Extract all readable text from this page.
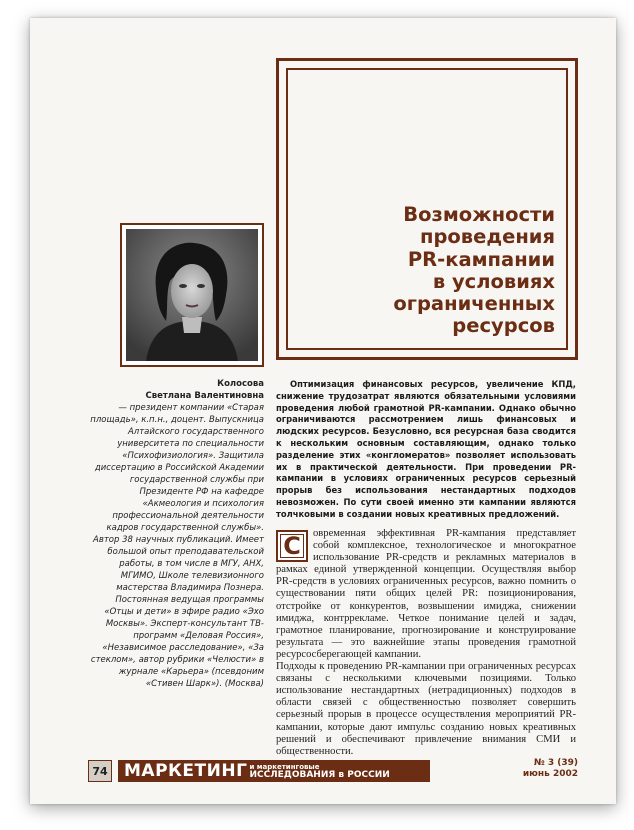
Возможности
проведения
PR-кампании
в условиях
ограниченных
ресурсов
Колосова
Светлана Валентиновна
— президент компании «Старая площадь», к.п.н., доцент. Выпускница Алтайского государственного университета по специальности «Психофизиология». Защитила диссертацию в Российской Академии государственной службы при Президенте РФ на кафедре «Акмеология и психология профессиональной деятельности кадров государственной службы». Автор 38 научных публикаций. Имеет большой опыт преподавательской работы, в том числе в МГУ, АНХ, МГИМО, Школе телевизионного мастерства Владимира Познера. Постоянная ведущая программы «Отцы и дети» в эфире радио «Эхо Москвы». Эксперт-консультант ТВ-программ «Деловая Россия», «Независимое расследование», «За стеклом», автор рубрики «Челюсти» в журнале «Карьера» (псевдоним «Стивен Шарк»). (Москва)
Оптимизация финансовых ресурсов, увеличение КПД, снижение трудозатрат являются обязательными условиями проведения любой грамотной PR-кампании. Однако обычно ограничиваются рассмотрением лишь финансовых и людских ресурсов. Безусловно, вся ресурсная база сводится к нескольким основным составляющим, однако только разделение этих «конгломератов» позволяет использовать их в практической деятельности. При проведении PR-кампании в условиях ограниченных ресурсов серьезный прорыв без использования нестандартных подходов невозможен. По сути своей именно эти кампании являются толчковыми в создании новых креативных предложений.
С	овременная эффективная PR-кампания представляет собой комплексное, технологическое и многократное использование PR-средств и рекламных материалов в рамках единой утвержденной концепции. Осуществляя выбор PR-средств в условиях ограниченных ресурсов, важно помнить о существовании пяти общих целей PR: позиционирования, отстройке от конкурентов, возвышении имиджа, снижении имиджа, контррекламе. Четкое понимание целей и задач, грамотное планирование, прогнозирование и конструирование результата — это важнейшие этапы проведения грамотной ресурсосберегающей кампании.

Подходы к проведению PR-кампании при ограниченных ресурсах связаны с несколькими ключевыми позициями. Только использование нестандартных (нетрадиционных) подходов в области связей с общественностью позволяет совершить серьезный прорыв в процессе осуществления мероприятий PR-кампании, которые дают импульс созданию новых креативных решений и обеспечивают привлечение внимания СМИ и общественности.

74 МАРКЕТИНГ и маркетинговые
ИССЛЕДОВАНИЯ в РОССИИ
№ 3 (39)
июнь 2002
